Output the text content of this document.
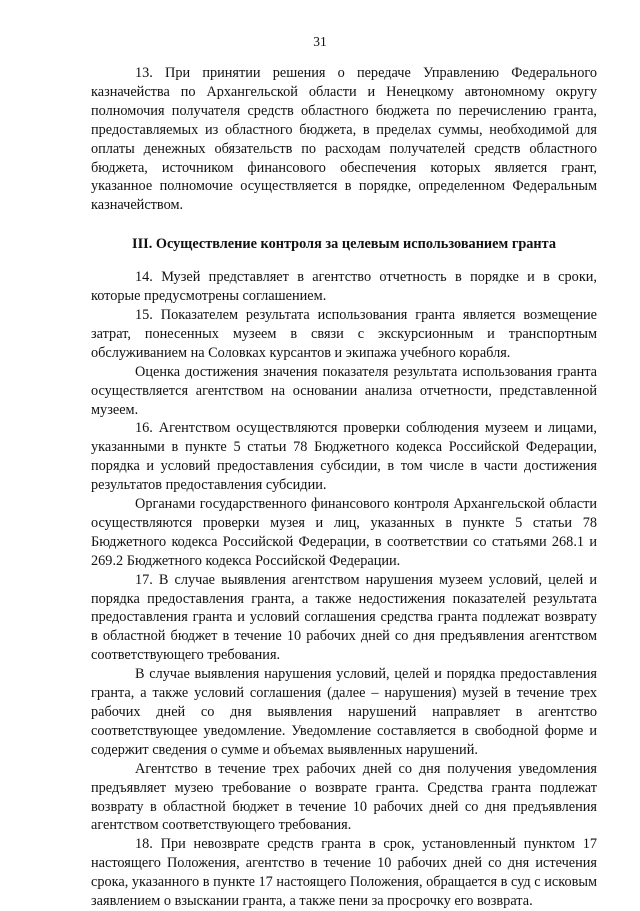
31

13. При принятии решения о передаче Управлению Федерального казначейства по Архангельской области и Ненецкому автономному округу полномочия получателя средств областного бюджета по перечислению гранта, предоставляемых из областного бюджета, в пределах суммы, необходимой для оплаты денежных обязательств по расходам получателей средств областного бюджета, источником финансового обеспечения которых является грант, указанное полномочие осуществляется в порядке, определенном Федеральным казначейством.

III. Осуществление контроля за целевым использованием гранта

14. Музей представляет в агентство отчетность в порядке и в сроки, которые предусмотрены соглашением.

15. Показателем результата использования гранта является возмещение затрат, понесенных музеем в связи с экскурсионным и транспортным обслуживанием на Соловках курсантов и экипажа учебного корабля.

Оценка достижения значения показателя результата использования гранта осуществляется агентством на основании анализа отчетности, представленной музеем.

16. Агентством осуществляются проверки соблюдения музеем и лицами, указанными в пункте 5 статьи 78 Бюджетного кодекса Российской Федерации, порядка и условий предоставления субсидии, в том числе в части достижения результатов предоставления субсидии.

Органами государственного финансового контроля Архангельской области осуществляются проверки музея и лиц, указанных в пункте 5 статьи 78 Бюджетного кодекса Российской Федерации, в соответствии со статьями 268.1 и 269.2 Бюджетного кодекса Российской Федерации.

17. В случае выявления агентством нарушения музеем условий, целей и порядка предоставления гранта, а также недостижения показателей результата предоставления гранта и условий соглашения средства гранта подлежат возврату в областной бюджет в течение 10 рабочих дней со дня предъявления агентством соответствующего требования.

В случае выявления нарушения условий, целей и порядка предоставления гранта, а также условий соглашения (далее – нарушения) музей в течение трех рабочих дней со дня выявления нарушений направляет в агентство соответствующее уведомление. Уведомление составляется в свободной форме и содержит сведения о сумме и объемах выявленных нарушений.

Агентство в течение трех рабочих дней со дня получения уведомления предъявляет музею требование о возврате гранта. Средства гранта подлежат возврату в областной бюджет в течение 10 рабочих дней со дня предъявления агентством соответствующего требования.

18. При невозврате средств гранта в срок, установленный пунктом 17 настоящего Положения, агентство в течение 10 рабочих дней со дня истечения срока, указанного в пункте 17 настоящего Положения, обращается в суд с исковым заявлением о взыскании гранта, а также пени за просрочку его возврата.
